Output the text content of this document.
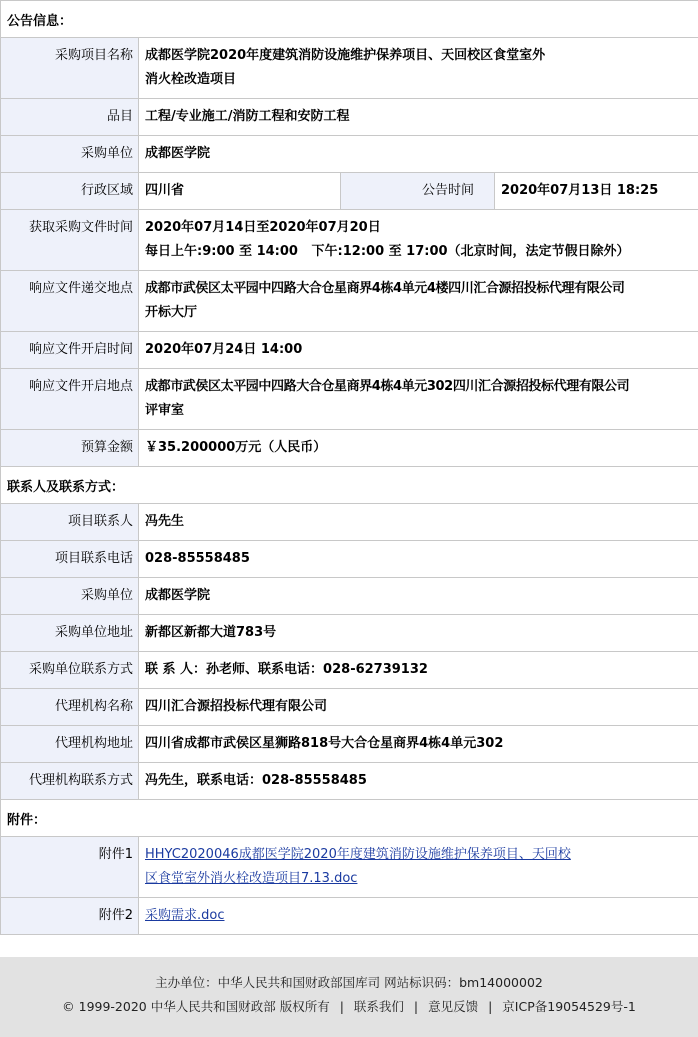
公告信息：			
采购项目名称	成都医学院2020年度建筑消防设施维护保养项目、天回校区食堂室外
消火栓改造项目		

品目	工程/专业施工/消防工程和安防工程		
采购单位	成都医学院		
行政区域	四川省	公告时间	2020年07月13日 18:25
获取采购文件时间	2020年07月14日至2020年07月20日
每日上午:9:00 至 14:00   下午:12:00 至 17:00（北京时间，法定节假日除外）		

响应文件递交地点	成都市武侯区太平园中四路大合仓星商界4栋4单元4楼四川汇合源招投标代理有限公司
开标大厅		

响应文件开启时间	2020年07月24日 14:00		
响应文件开启地点	成都市武侯区太平园中四路大合仓星商界4栋4单元302四川汇合源招投标代理有限公司
评审室		

预算金额	￥35.200000万元（人民币）		
联系人及联系方式：			
项目联系人	冯先生		
项目联系电话	028-85558485		
采购单位	成都医学院		
采购单位地址	新都区新都大道783号		
采购单位联系方式	联 系 人：孙老师、联系电话：028-62739132		
代理机构名称	四川汇合源招投标代理有限公司		
代理机构地址	四川省成都市武侯区星狮路818号大合仓星商界4栋4单元302		
代理机构联系方式	冯先生，联系电话：028-85558485		
附件：			
附件1	HHYC2020046成都医学院2020年度建筑消防设施维护保养项目、天回校
区食堂室外消火栓改造项目7.13.doc		

附件2	采购需求.doc		
主办单位：中华人民共和国财政部国库司 网站标识码：bm14000002
© 1999-2020 中华人民共和国财政部 版权所有 | 联系我们 | 意见反馈 | 京ICP备19054529号-1
